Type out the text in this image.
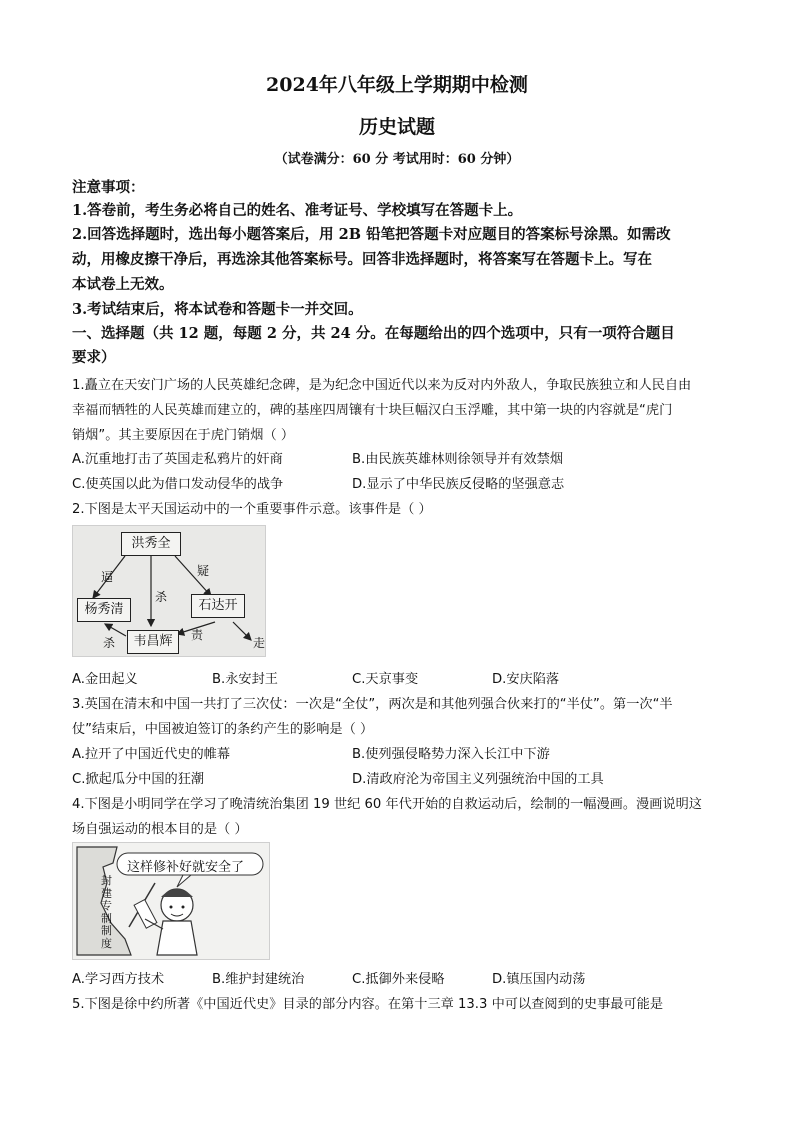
2024年八年级上学期期中检测
历史试题
（试卷满分：60 分 考试用时：60 分钟）
注意事项：
1.答卷前，考生务必将自己的姓名、准考证号、学校填写在答题卡上。
2.回答选择题时，选出每小题答案后，用 2B 铅笔把答题卡对应题目的答案标号涂黑。如需改
动，用橡皮擦干净后，再选涂其他答案标号。回答非选择题时，将答案写在答题卡上。写在
本试卷上无效。
3.考试结束后，将本试卷和答题卡一并交回。
一、选择题（共 12 题，每题 2 分，共 24 分。在每题给出的四个选项中，只有一项符合题目
要求）
1.矗立在天安门广场的人民英雄纪念碑，是为纪念中国近代以来为反对内外敌人，争取民族独立和人民自由
幸福而牺牲的人民英雄而建立的，碑的基座四周镶有十块巨幅汉白玉浮雕，其中第一块的内容就是“虎门
销烟”。其主要原因在于虎门销烟（ ）
A.沉重地打击了英国走私鸦片的奸商	B.由民族英雄林则徐领导并有效禁烟
C.使英国以此为借口发动侵华的战争	D.显示了中华民族反侵略的坚强意志
2.下图是太平天国运动中的一个重要事件示意。该事件是（ ）
洪秀全
杨秀清	石达开
韦昌辉
逼	疑
杀
杀
责
走
A.金田起义	B.永安封王	C.天京事变	D.安庆陷落
3.英国在清末和中国一共打了三次仗：一次是“全仗”，两次是和其他列强合伙来打的“半仗”。第一次“半
仗”结束后，中国被迫签订的条约产生的影响是（ ）
A.拉开了中国近代史的帷幕	B.使列强侵略势力深入长江中下游
C.掀起瓜分中国的狂潮	D.清政府沦为帝国主义列强统治中国的工具
4.下图是小明同学在学习了晚清统治集团 19 世纪 60 年代开始的自救运动后，绘制的一幅漫画。漫画说明这
场自强运动的根本目的是（ ）
这样修补好就安全了
封
建
专
制
制
度
A.学习西方技术	B.维护封建统治	C.抵御外来侵略	D.镇压国内动荡
5.下图是徐中约所著《中国近代史》目录的部分内容。在第十三章 13.3 中可以查阅到的史事最可能是
